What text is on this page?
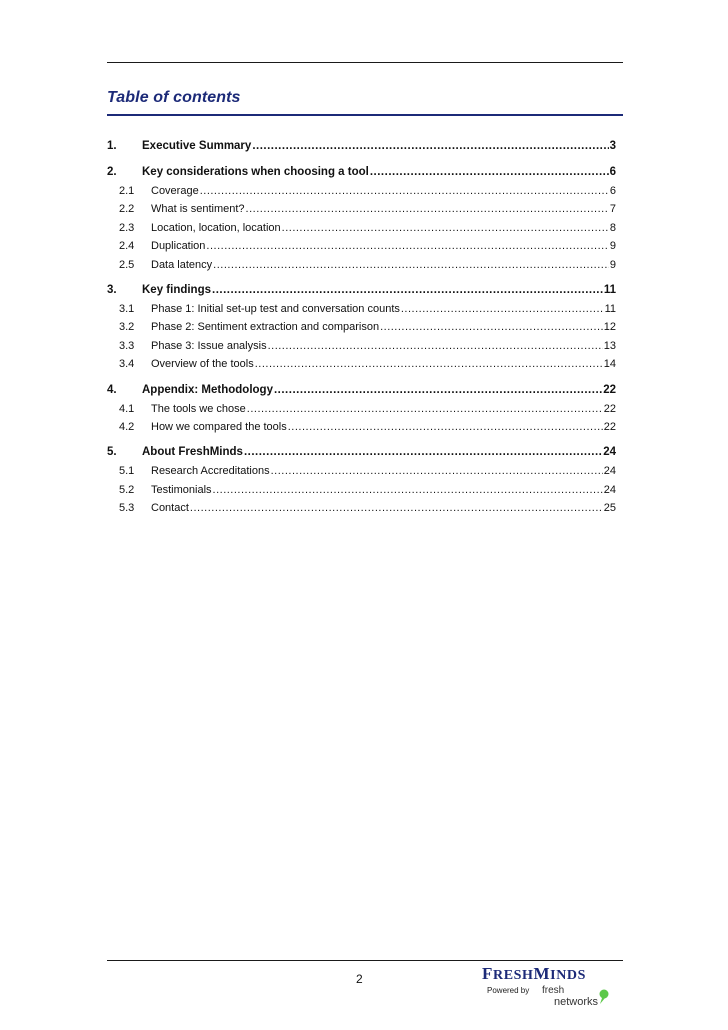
Table of contents
1.	Executive Summary .....	3
2.	Key considerations when choosing a tool .....	6
2.1	Coverage .....	6
2.2	What is sentiment? .....	7
2.3	Location, location, location .....	8
2.4	Duplication .....	9
2.5	Data latency .....	9
3.	Key findings .....	11
3.1	Phase 1: Initial set-up test and conversation counts .....	11
3.2	Phase 2: Sentiment extraction and comparison .....	12
3.3	Phase 3: Issue analysis .....	13
3.4	Overview of the tools .....	14
4.	Appendix: Methodology .....	22
4.1	The tools we chose .....	22
4.2	How we compared the tools .....	22
5.	About FreshMinds .....	24
5.1	Research Accreditations .....	24
5.2	Testimonials .....	24
5.3	Contact .....	25
2	FRESHMINDS
Powered by fresh
networks
